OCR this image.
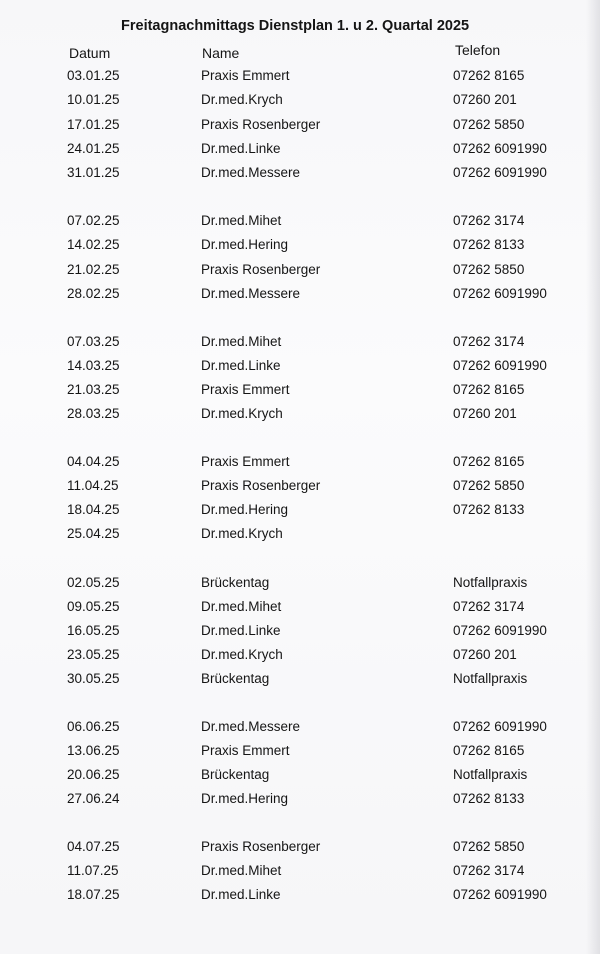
Freitagnachmittags Dienstplan 1. u 2. Quartal 2025
Datum	Name	Telefon
03.01.25	Praxis Emmert	07262 8165
10.01.25	Dr.med.Krych	07260 201
17.01.25	Praxis Rosenberger	07262 5850
24.01.25	Dr.med.Linke	07262 6091990
31.01.25	Dr.med.Messere	07262 6091990
07.02.25	Dr.med.Mihet	07262 3174
14.02.25	Dr.med.Hering	07262 8133
21.02.25	Praxis Rosenberger	07262 5850
28.02.25	Dr.med.Messere	07262 6091990
07.03.25	Dr.med.Mihet	07262 3174
14.03.25	Dr.med.Linke	07262 6091990
21.03.25	Praxis Emmert	07262 8165
28.03.25	Dr.med.Krych	07260 201
04.04.25	Praxis Emmert	07262 8165
11.04.25	Praxis Rosenberger	07262 5850
18.04.25	Dr.med.Hering	07262 8133
25.04.25	Dr.med.Krych
02.05.25	Brückentag	Notfallpraxis
09.05.25	Dr.med.Mihet	07262 3174
16.05.25	Dr.med.Linke	07262 6091990
23.05.25	Dr.med.Krych	07260 201
30.05.25	Brückentag	Notfallpraxis
06.06.25	Dr.med.Messere	07262 6091990
13.06.25	Praxis Emmert	07262 8165
20.06.25	Brückentag	Notfallpraxis
27.06.24	Dr.med.Hering	07262 8133
04.07.25	Praxis Rosenberger	07262 5850
11.07.25	Dr.med.Mihet	07262 3174
18.07.25	Dr.med.Linke	07262 6091990
